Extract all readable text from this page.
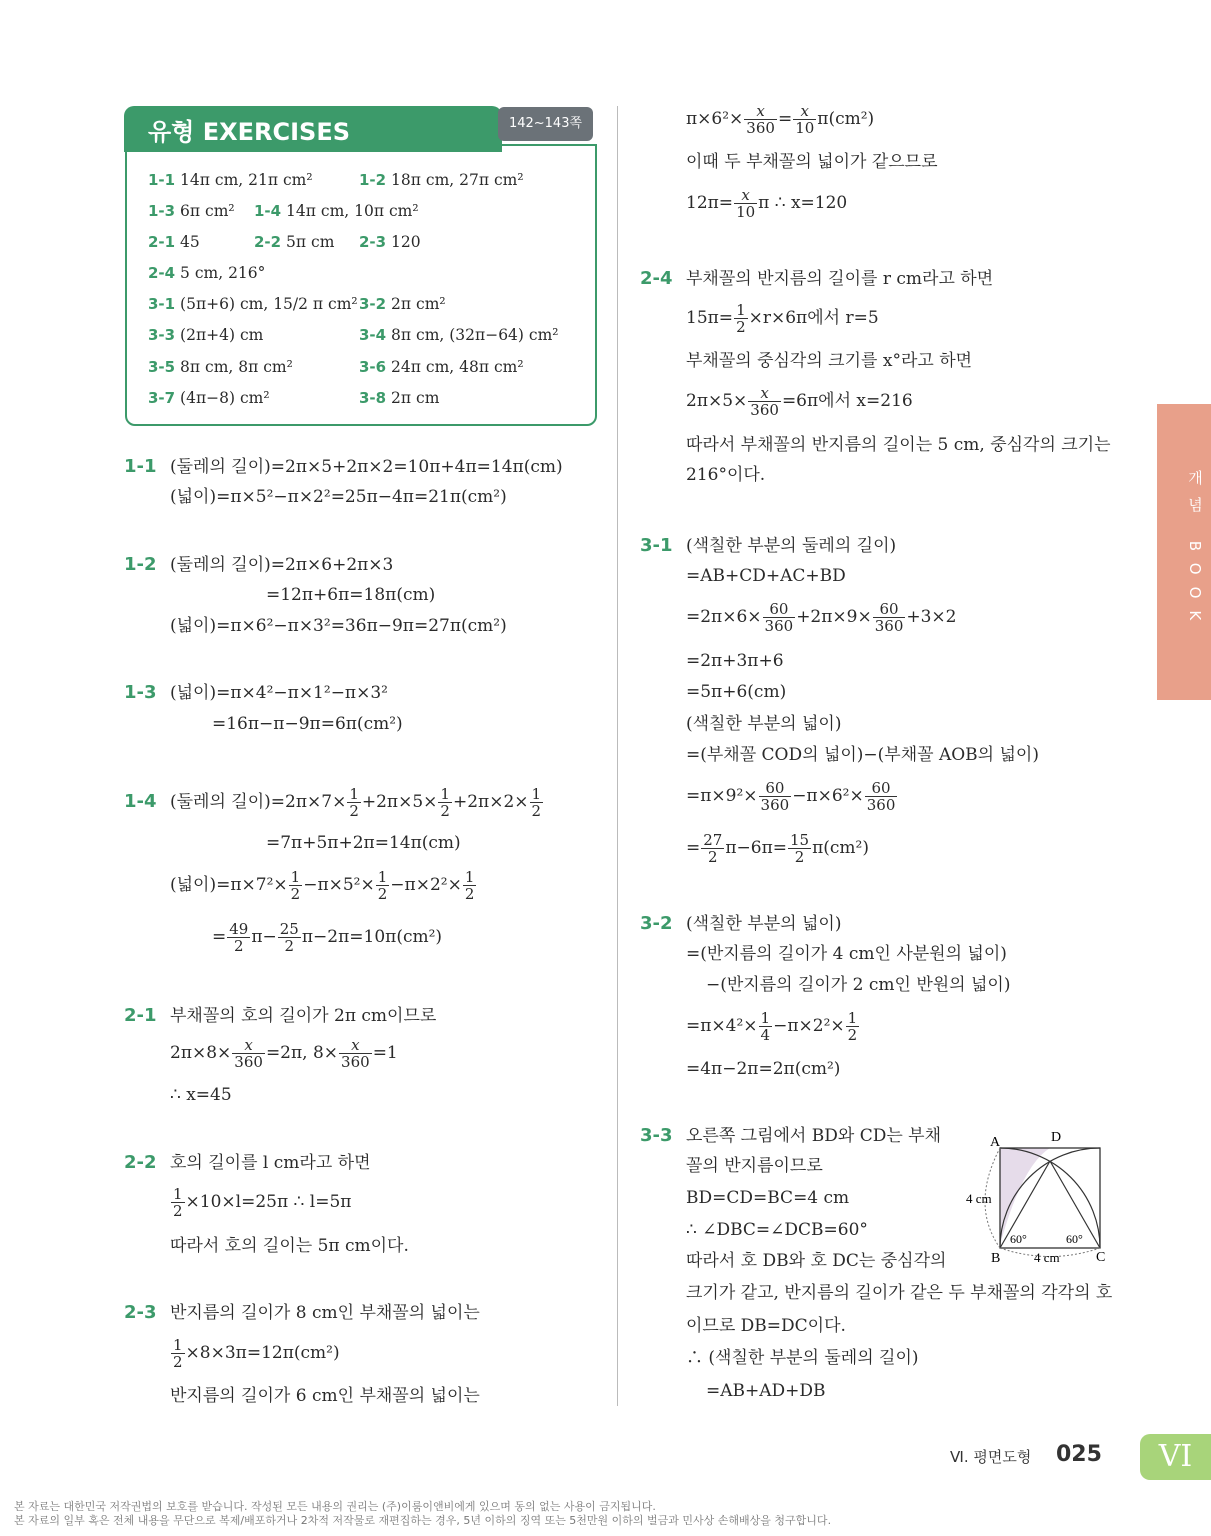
유형 EXERCISES	142~143쪽
1-1 14π cm, 21π cm²	1-2 18π cm, 27π cm²
1-3 6π cm² 1-4 14π cm, 10π cm²
2-1 45	2-2 5π cm 2-3 120
2-4 5 cm, 216°
3-1 (5π+6) cm, 15/2 π cm² 3-2 2π cm²
3-3 (2π+4) cm	3-4 8π cm, (32π−64) cm²
3-5 8π cm, 8π cm²	3-6 24π cm, 48π cm²
3-7 (4π−8) cm²	3-8 2π cm
1-1 (둘레의 길이)=2π×5+2π×2=10π+4π=14π(cm)
(넓이)=π×5²−π×2²=25π−4π=21π(cm²)
1-2 (둘레의 길이)=2π×6+2π×3
=12π+6π=18π(cm)
(넓이)=π×6²−π×3²=36π−9π=27π(cm²)
1-3 (넓이)=π×4²−π×1²−π×3²
=16π−π−9π=6π(cm²)
1-4 (둘레의 길이)$=2\pi\times 7\times \frac{1}{2} +2\pi\times 5\times \frac{1}{2} +2\pi\times 2\times \frac{1}{2}$
=7π+5π+2π=14π(cm)
(넓이)$=\pi\times 7^2\times \frac{1}{2} -\pi\times 5^2\times \frac{1}{2} -\pi\times 2^2\times \frac{1}{2}$
= $\frac{49}{2} \pi- \frac{25}{2} \pi-2\pi=10\pi(cm^2)$
2-1 부채꼴의 호의 길이가 2π cm이므로
$2\pi\times 8\times \frac{x}{360} =2\pi$, $8\times \frac{x}{360} =1$
∴ x=45
2-2 호의 길이를 l cm라고 하면
$\frac{1}{2} \times 10\times l=25\pi$ ∴ l=5π
따라서 호의 길이는 5π cm이다.
2-3 반지름의 길이가 8 cm인 부채꼴의 넓이는
$\frac{1}{2} \times 8\times 3\pi=12\pi(cm^2)$
반지름의 길이가 6 cm인 부채꼴의 넓이는
$\pi\times 6^2\times \frac{x}{360} = \frac{x}{10} \pi(cm^2)$
이때 두 부채꼴의 넓이가 같으므로
$12\pi= \frac{x}{10}$ π ∴ x=120
2-4 부채꼴의 반지름의 길이를 r cm라고 하면
$15\pi= \frac{1}{2} \times r\times 6\pi$에서 r=5
부채꼴의 중심각의 크기를 x°라고 하면
$2\pi\times 5\times \frac{x}{360} =6\pi$에서 x=216
따라서 부채꼴의 반지름의 길이는 5 cm, 중심각의 크기는
216°이다.
3-1 (색칠한 부분의 둘레의 길이)
=AB+CD+AC+BD
$=2\pi\times 6\times \frac{60}{360} +2\pi\times 9\times \frac{60}{360} +3\times 2$
=2π+3π+6
=5π+6(cm)
(색칠한 부분의 넓이)
=(부채꼴 COD의 넓이)−(부채꼴 AOB의 넓이)
$=\pi\times 9^2\times \frac{60}{360} -\pi\times 6^2\times \frac{60}{360}$
= $\frac{27}{2} \pi-6\pi= \frac{15}{2} \pi(cm^2)$
3-2 (색칠한 부분의 넓이)
=(반지름의 길이가 4 cm인 사분원의 넓이)
−(반지름의 길이가 2 cm인 반원의 넓이)
$=\pi\times 4^2\times \frac{1}{4} -\pi\times 2^2\times \frac{1}{2}$
=4π−2π=2π(cm²)
3-3 오른쪽 그림에서 BD와 CD는 부채
꼴의 반지름이므로
BD=CD=BC=4 cm
∴ ∠DBC=∠DCB=60°
따라서 호 DB와 호 DC는 중심각의
크기가 같고, 반지름의 길이가 같은 두 부채꼴의 각각의 호
이므로 DB=DC이다.
∴ (색칠한 부분의 둘레의 길이)
=AB+AD+DB
A	D
B	C
4 cm
4 cm
60°	60°
개념 BOOK
Ⅵ. 평면도형 025	VI
본 자료는 대한민국 저작권법의 보호를 받습니다. 작성된 모든 내용의 권리는 (주)이룸이앤비에게 있으며 동의 없는 사용이 금지됩니다.
본 자료의 일부 혹은 전체 내용을 무단으로 복제/배포하거나 2차적 저작물로 재편집하는 경우, 5년 이하의 징역 또는 5천만원 이하의 벌금과 민사상 손해배상을 청구합니다.
